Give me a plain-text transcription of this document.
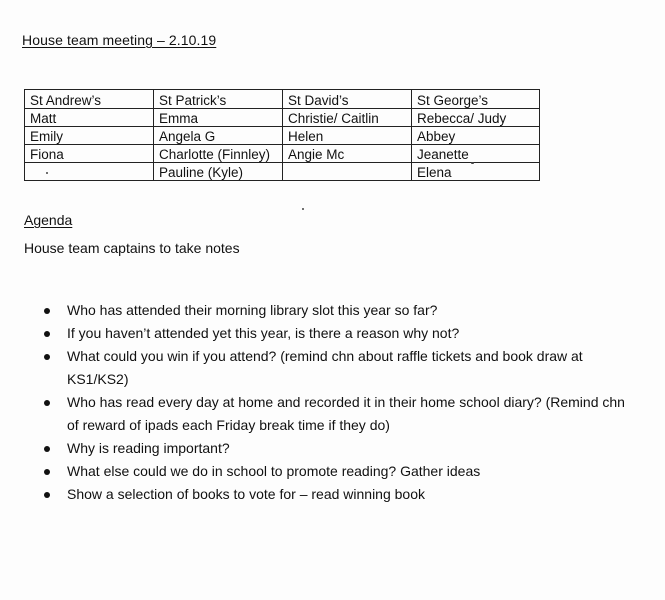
House team meeting – 2.10.19
St Andrew’s	St Patrick’s	St David’s	St George’s
Matt	Emma	Christie/ Caitlin	Rebecca/ Judy
Emily	Angela G	Helen	Abbey
Fiona	Charlotte (Finnley)	Angie Mc	Jeanette
	Pauline (Kyle)		Elena
Agenda
House team captains to take notes
Who has attended their morning library slot this year so far?
If you haven’t attended yet this year, is there a reason why not?
What could you win if you attend? (remind chn about raffle tickets and book draw at KS1/KS2)
Who has read every day at home and recorded it in their home school diary? (Remind chn of reward of ipads each Friday break time if they do)
Why is reading important?
What else could we do in school to promote reading? Gather ideas
Show a selection of books to vote for – read winning book
